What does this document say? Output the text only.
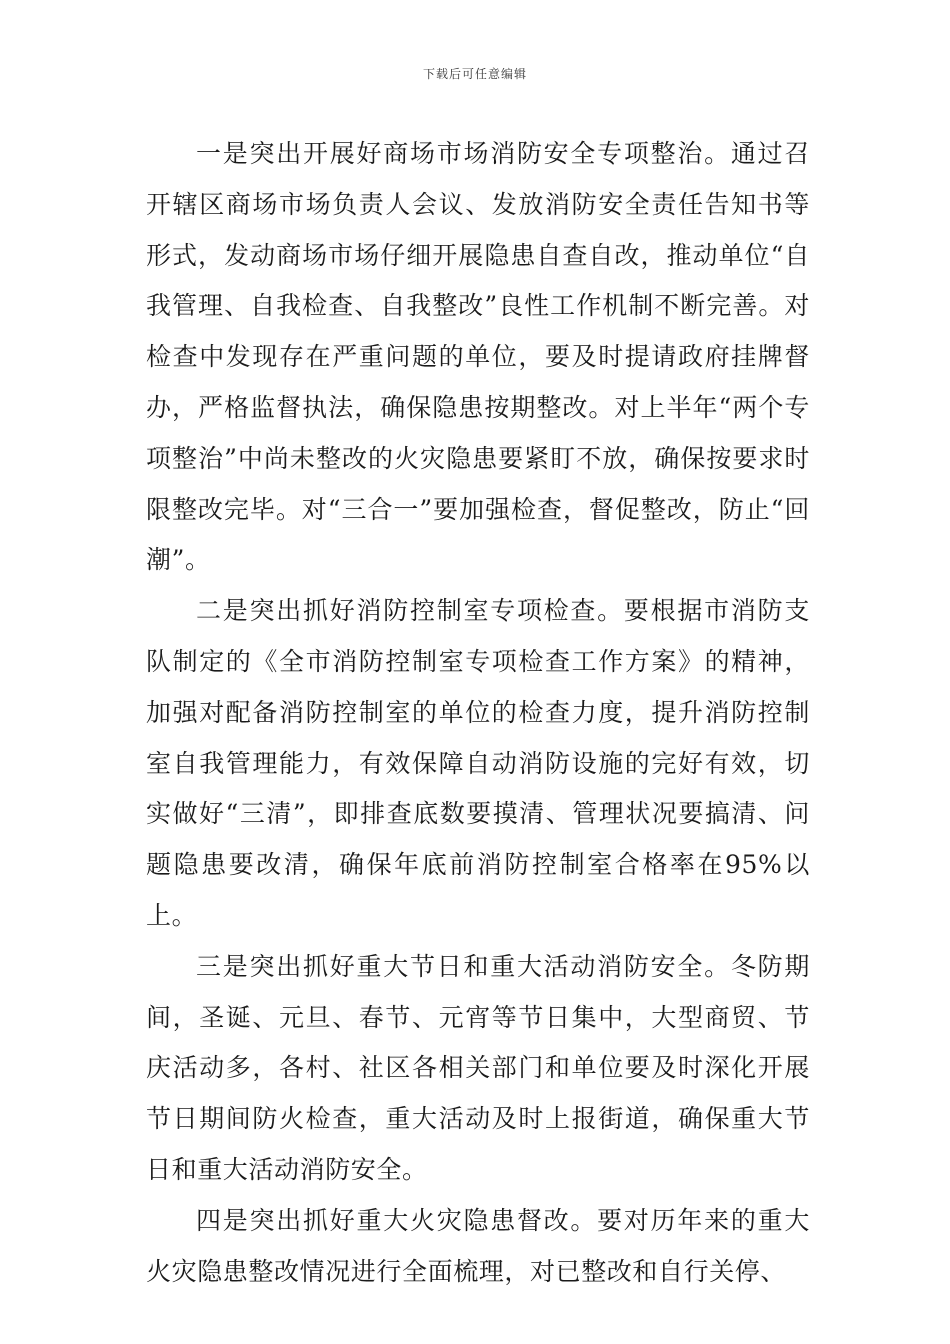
下载后可任意编辑

一是突出开展好商场市场消防安全专项整治。通过召开辖区商场市场负责人会议、发放消防安全责任告知书等形式，发动商场市场仔细开展隐患自查自改，推动单位“自我管理、自我检查、自我整改”良性工作机制不断完善。对检查中发现存在严重问题的单位，要及时提请政府挂牌督办，严格监督执法，确保隐患按期整改。对上半年“两个专项整治”中尚未整改的火灾隐患要紧盯不放，确保按要求时限整改完毕。对“三合一”要加强检查，督促整改，防止“回潮”。

二是突出抓好消防控制室专项检查。要根据市消防支队制定的《全市消防控制室专项检查工作方案》的精神，加强对配备消防控制室的单位的检查力度，提升消防控制室自我管理能力，有效保障自动消防设施的完好有效，切实做好“三清”，即排查底数要摸清、管理状况要搞清、问题隐患要改清，确保年底前消防控制室合格率在95%以上。

三是突出抓好重大节日和重大活动消防安全。冬防期间，圣诞、元旦、春节、元宵等节日集中，大型商贸、节庆活动多，各村、社区各相关部门和单位要及时深化开展节日期间防火检查，重大活动及时上报街道，确保重大节日和重大活动消防安全。

四是突出抓好重大火灾隐患督改。要对历年来的重大火灾隐患整改情况进行全面梳理，对已整改和自行关停、
